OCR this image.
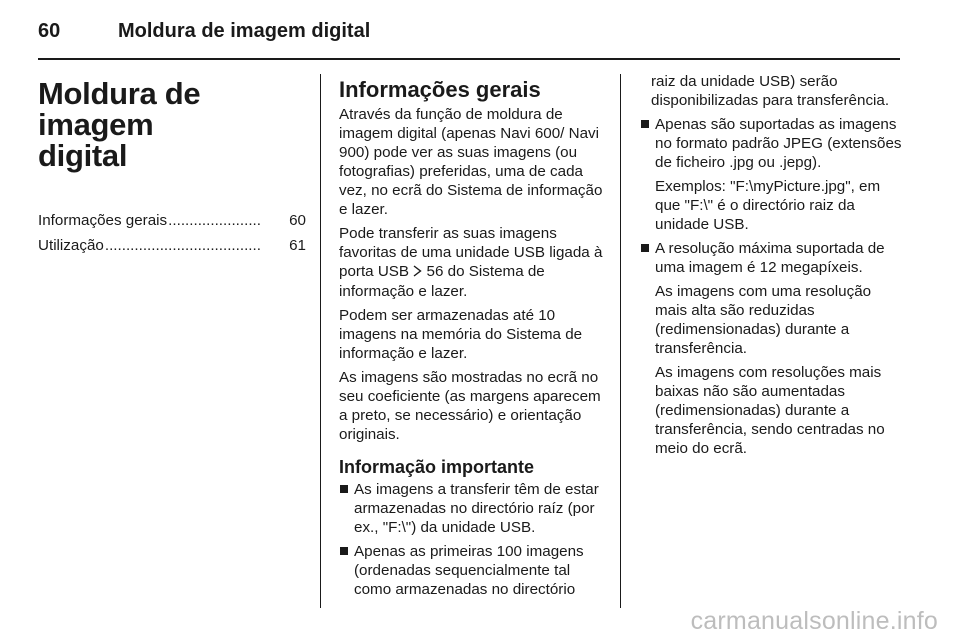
60	Moldura de imagem digital
Moldura de imagem
digital
Informações gerais ......................	60
Utilização .....................................	61
Informações gerais

Através da função de moldura de imagem digital (apenas Navi 600/ Navi 900) pode ver as suas imagens (ou fotografias) preferidas, uma de cada vez, no ecrã do Sistema de informação e lazer.

Pode transferir as suas imagens favoritas de uma unidade USB ligada à porta USB 56 do Sistema de informação e lazer.

Podem ser armazenadas até 10 imagens na memória do Sistema de informação e lazer.

As imagens são mostradas no ecrã no seu coeficiente (as margens aparecem a preto, se necessário) e orientação originais.

Informação importante
As imagens a transferir têm de estar armazenadas no directório raíz (por ex., "F:\") da unidade USB.
Apenas as primeiras 100 imagens (ordenadas sequencialmente tal como armazenadas no directório

raiz da unidade USB) serão disponibilizadas para transferência.

Apenas são suportadas as imagens no formato padrão JPEG (extensões de ficheiro .jpg ou .jepg).

Exemplos: "F:\myPicture.jpg", em que "F:\" é o directório raiz da unidade USB.

A resolução máxima suportada de uma imagem é 12 megapíxeis.

As imagens com uma resolução mais alta são reduzidas (redimensionadas) durante a transferência.

As imagens com resoluções mais baixas não são aumentadas (redimensionadas) durante a transferência, sendo centradas no meio do ecrã.

carmanualsonline.info
